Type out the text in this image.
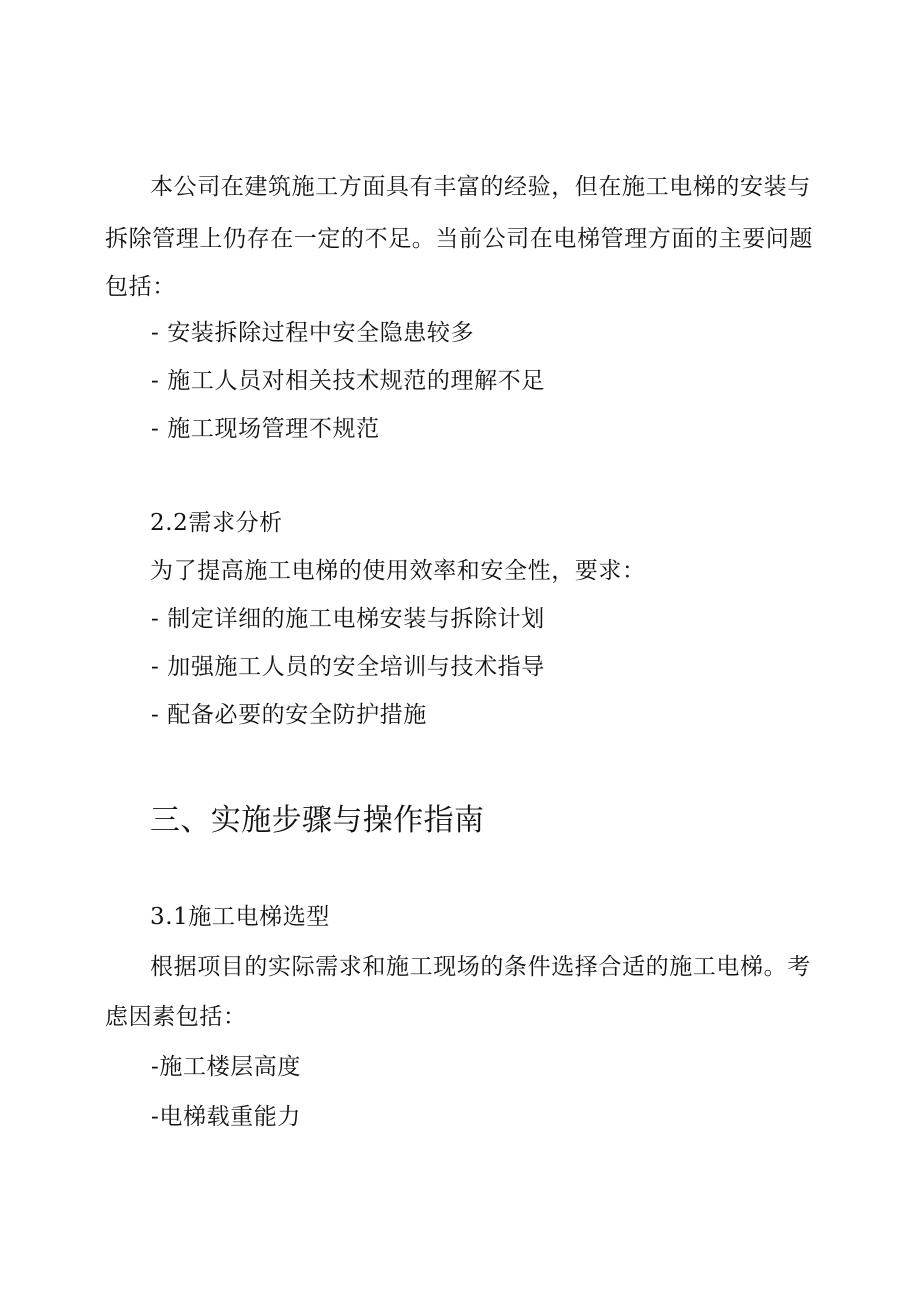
本公司在建筑施工方面具有丰富的经验，但在施工电梯的安装与
拆除管理上仍存在一定的不足。当前公司在电梯管理方面的主要问题
包括：
- 安装拆除过程中安全隐患较多
- 施工人员对相关技术规范的理解不足
- 施工现场管理不规范
2.2需求分析
为了提高施工电梯的使用效率和安全性，要求：
- 制定详细的施工电梯安装与拆除计划
- 加强施工人员的安全培训与技术指导
- 配备必要的安全防护措施
三、实施步骤与操作指南
3.1施工电梯选型
根据项目的实际需求和施工现场的条件选择合适的施工电梯。考
虑因素包括：
-施工楼层高度
-电梯载重能力
